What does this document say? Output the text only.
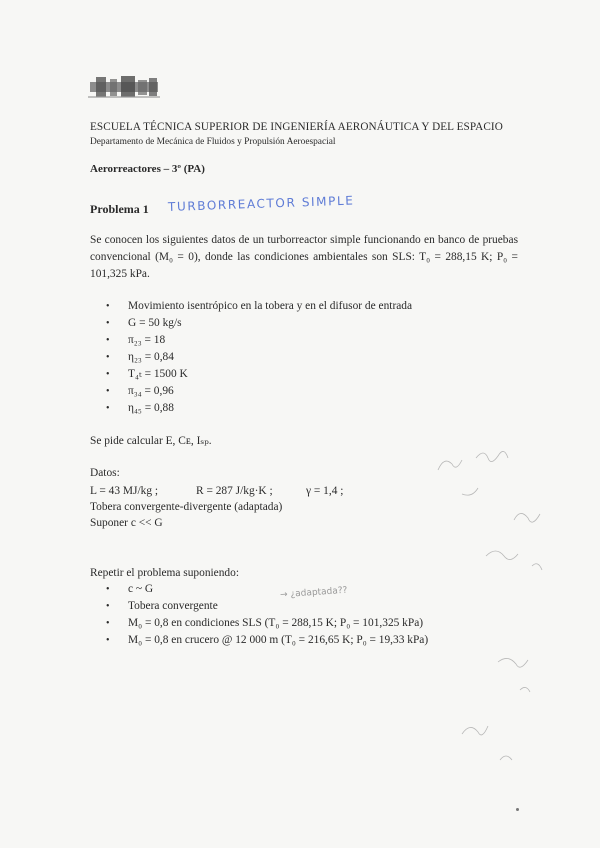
ESCUELA TÉCNICA SUPERIOR DE INGENIERÍA AERONÁUTICA Y DEL ESPACIO
Departamento de Mecánica de Fluidos y Propulsión Aeroespacial
Aerorreactores – 3º (PA)
Problema 1 TURBORREACTOR SIMPLE
Se conocen los siguientes datos de un turborreactor simple funcionando en banco de pruebas convencional (M₀ = 0), donde las condiciones ambientales son SLS: T₀ = 288,15 K; P₀ = 101,325 kPa.
• Movimiento isentrópico en la tobera y en el difusor de entrada
• G = 50 kg/s
• π₂₃ = 18
• η₂₃ = 0,84
• T₄ₜ = 1500 K
• π₃₄ = 0,96
• η₄₅ = 0,88
Se pide calcular E, Cᴇ, Iₛₚ.
Datos:
L = 43 MJ/kg ;	R = 287 J/kg·K ;	γ = 1,4 ;
Tobera convergente-divergente (adaptada)
Suponer c << G
Repetir el problema suponiendo:
• c ~ G
• Tobera convergente
• M₀ = 0,8 en condiciones SLS (T₀ = 288,15 K; P₀ = 101,325 kPa)
• M₀ = 0,8 en crucero @ 12 000 m (T₀ = 216,65 K; P₀ = 19,33 kPa)
→ ¿adaptada??
